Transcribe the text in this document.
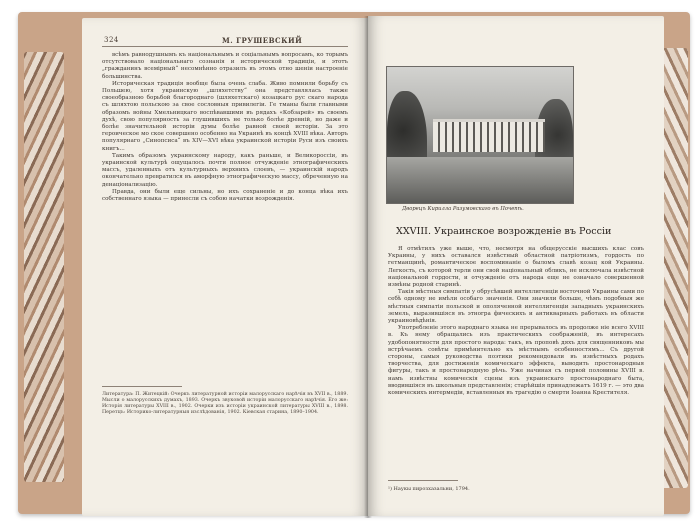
324	М. ГРУШЕВСКИЙ

всѣмъ равнодушнымъ къ національнымъ и соціальнымъ вопросамъ, ко торымъ отсутствовало національнаго сознанія и исторической традиціи, и этотъ „гражданинъ всемірный“ несомнѣнно отразилъ въ этомъ отно шеніи настроеніе большинства.

Историческая традиція вообще была очень слаба. Живо помнили борьбу съ Польшею, хотя украинскую „шляхетству“ она представлялась также своеобразною борьбой благороднаго (шляхетскаго) козацкаго рус скаго народа съ шляхтою польскою за свое сословныя привилегіи. Ге тманы были главными образомъ войны Хмельницкаго воспѣвавшими въ рядахъ «Кобзарей» въ своемъ духѣ, свою популярность за глушившихъ не только болѣе древній, но даже и болѣе значительной исторіи думы болѣе равной своей исторіи. За это героическое мо ское совершено особенно на Украинѣ въ концѣ XVIII вѣка. Авторъ популярнаго „Синопсиса“ въ XIV—XVI вѣка украинской исторіи Руси изъ своихъ книгъ...

Такимъ образомъ украинскому народу, какъ раньше, и Великороссіи, въ украинской культурѣ ощущалось почти полное отчужденіе этнографическихъ массъ, удаленныхъ отъ культурныхъ верхнихъ слоевъ, — украинскій народъ окончательно превратился въ аморфную этнографическую массу, обреченную на денаціонализацію.

Правда, они были еще сильны, но ихъ сохраненіе и до конца вѣка ихъ собственнаго языка — принесли съ собою начатки возрожденія.

Литература: П. Житецкій: Очеркъ литературной исторіи малорусскаго нарѣчія въ XVII в., 1889. Мысли о малорусскихъ думахъ, 1893. Очеркъ звуковой исторіи малорусскаго нарѣчія. Его же: Исторія литературы XVIII в., 1902. Очерки изъ исторіи украинской литературы XVIII в., 1898. Перетцъ: Историко-литературныя изслѣдованія, 1902. Кіевская старина, 1890–1904.
Дворецъ Кирилла Разумовскаго въ Почепѣ.
XXVIII. Украинское возрожденіе въ Россіи

Я отмѣтилъ уже выше, что, несмотря на общерусскіе высшихъ клас совъ Украины, у нихъ оставался извѣстный областной патріотизмъ, гордость по гетманщинѣ, романтическое воспоминаніе о быломъ славѣ козац кой Украины. Легкость, съ которой терли они свой національный обликъ, не исключала извѣстной національной гордости, и отчужденіе отъ народа еще не означало совершенной измѣны родной старинѣ.

Такія мѣстныя симпатіи у обрусѣвшей интеллигенціи восточной Украины сами по себѣ одному не имѣли особаго значенія. Они значили больше, чѣмъ подобныя же мѣстныя симпатіи польской и ополяченной интеллигенціи западныхъ украинскихъ земель, выразившіяся въ этногра фическихъ и антикварныхъ работахъ въ области украиновѣдѣнія.

Употребленіе этого народнаго языка не прерывалось въ продолже ніе всего XVIII в. Къ нему обращались изъ практическихъ соображеній, въ интересахъ удобопонятности для простого народа: такъ, въ проповѣ дяхъ для священниковъ мы встрѣчаемъ совѣты примѣнительно къ мѣстнымъ особенностямъ... Съ другой стороны, самыя руководства поэтики рекомендовали въ извѣстныхъ родахъ творчества, для достиженія комическаго эффекта, выводить простонародныя фигуры, такъ и простонародную рѣчь. Уже начиная съ первой половины XVIII в. намъ извѣстны комическія сцены изъ украинскаго простонароднаго быта, вводившіяся въ школьныя представленія; старѣйшія принадлежатъ 1619 г. — это два комическихъ интермедіи, вставленныя въ трагедію о смерти Іоанна Крестителя.

¹) Наукы пирозхазальни, 1794.
